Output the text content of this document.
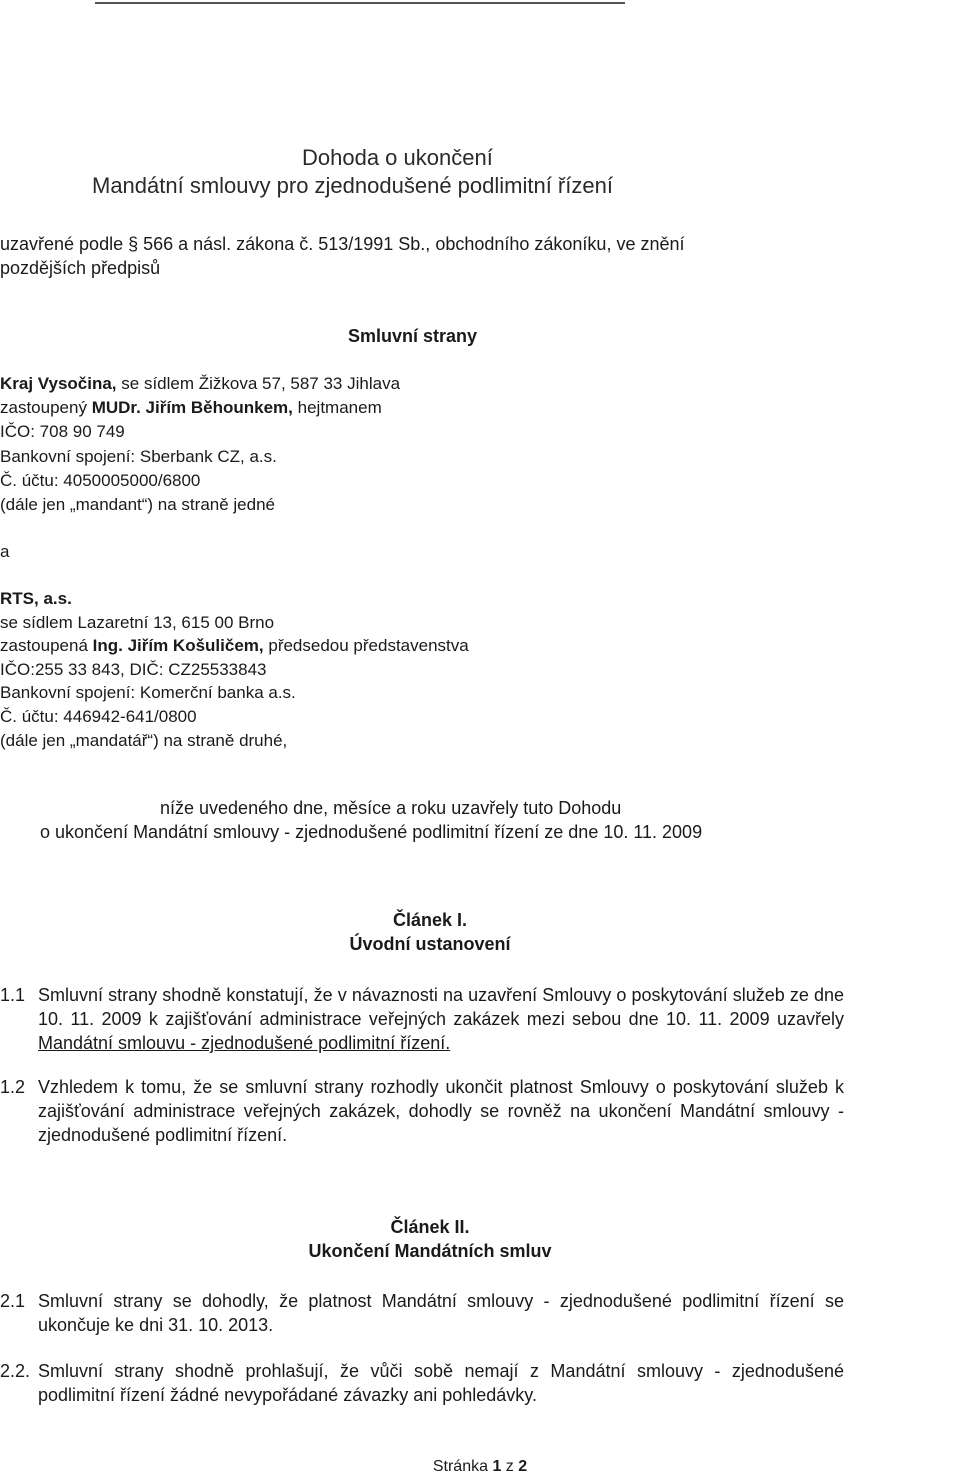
Dohoda o ukončení
Mandátní smlouvy pro zjednodušené podlimitní řízení
uzavřené podle § 566 a násl. zákona č. 513/1991 Sb., obchodního zákoníku, ve znění
pozdějších předpisů
Smluvní strany
Kraj Vysočina, se sídlem Žižkova 57, 587 33 Jihlava
zastoupený MUDr. Jiřím Běhounkem, hejtmanem
IČO: 708 90 749
Bankovní spojení: Sberbank CZ, a.s.
Č. účtu: 4050005000/6800
(dále jen „mandant“) na straně jedné
a
RTS, a.s.
se sídlem Lazaretní 13, 615 00 Brno
zastoupená Ing. Jiřím Košuličem, předsedou představenstva
IČO:255 33 843, DIČ: CZ25533843
Bankovní spojení: Komerční banka a.s.
Č. účtu: 446942-641/0800
(dále jen „mandatář“) na straně druhé,
níže uvedeného dne, měsíce a roku uzavřely tuto Dohodu
o ukončení Mandátní smlouvy - zjednodušené podlimitní řízení ze dne 10. 11. 2009
Článek I.
Úvodní ustanovení
1.1 Smluvní strany shodně konstatují, že v návaznosti na uzavření Smlouvy o poskytování služeb ze dne 10. 11. 2009 k zajišťování administrace veřejných zakázek mezi sebou dne 10. 11. 2009 uzavřely Mandátní smlouvu - zjednodušené podlimitní řízení.
1.2 Vzhledem k tomu, že se smluvní strany rozhodly ukončit platnost Smlouvy o poskytování služeb k zajišťování administrace veřejných zakázek, dohodly se rovněž na ukončení Mandátní smlouvy - zjednodušené podlimitní řízení.
Článek II.
Ukončení Mandátních smluv
2.1 Smluvní strany se dohodly, že platnost Mandátní smlouvy - zjednodušené podlimitní řízení se ukončuje ke dni 31. 10. 2013.
2.2. Smluvní strany shodně prohlašují, že vůči sobě nemají z Mandátní smlouvy - zjednodušené podlimitní řízení žádné nevypořádané závazky ani pohledávky.
Stránka 1 z 2
